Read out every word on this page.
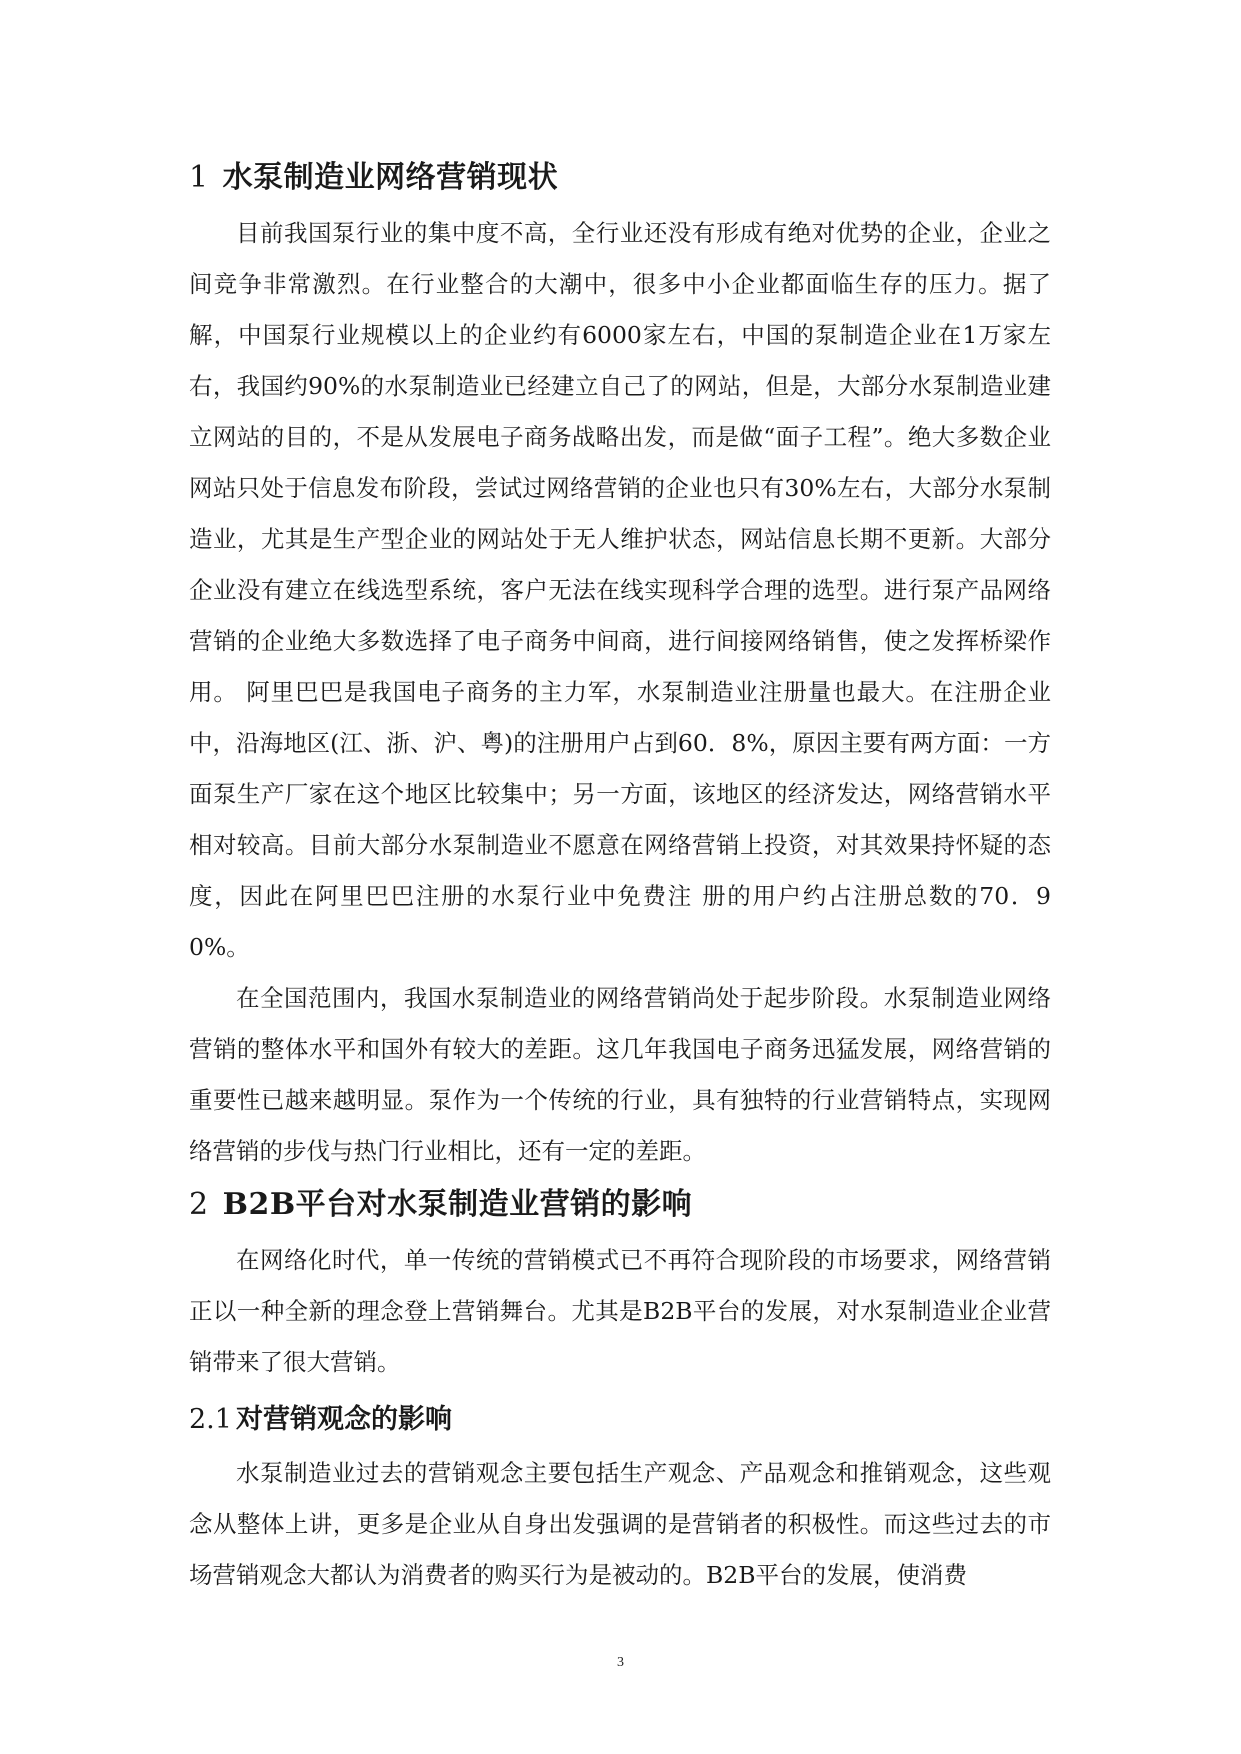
1 水泵制造业网络营销现状

目前我国泵行业的集中度不高，全行业还没有形成有绝对优势的企业，企业之间竞争非常激烈。在行业整合的大潮中，很多中小企业都面临生存的压力。据了解，中国泵行业规模以上的企业约有6000家左右，中国的泵制造企业在1万家左右，我国约90%的水泵制造业已经建立自己了的网站，但是，大部分水泵制造业建立网站的目的，不是从发展电子商务战略出发，而是做“面子工程”。绝大多数企业网站只处于信息发布阶段，尝试过网络营销的企业也只有30%左右，大部分水泵制造业，尤其是生产型企业的网站处于无人维护状态，网站信息长期不更新。大部分企业没有建立在线选型系统，客户无法在线实现科学合理的选型。进行泵产品网络营销的企业绝大多数选择了电子商务中间商，进行间接网络销售，使之发挥桥梁作用。 阿里巴巴是我国电子商务的主力军，水泵制造业注册量也最大。在注册企业中，沿海地区(江、浙、沪、粤)的注册用户占到60．8%，原因主要有两方面：一方面泵生产厂家在这个地区比较集中；另一方面，该地区的经济发达，网络营销水平相对较高。目前大部分水泵制造业不愿意在网络营销上投资，对其效果持怀疑的态度，因此在阿里巴巴注册的水泵行业中免费注 册的用户约占注册总数的70．90%。

在全国范围内，我国水泵制造业的网络营销尚处于起步阶段。水泵制造业网络营销的整体水平和国外有较大的差距。这几年我国电子商务迅猛发展，网络营销的重要性已越来越明显。泵作为一个传统的行业，具有独特的行业营销特点，实现网络营销的步伐与热门行业相比，还有一定的差距。

2 B2B平台对水泵制造业营销的影响

在网络化时代，单一传统的营销模式已不再符合现阶段的市场要求，网络营销正以一种全新的理念登上营销舞台。尤其是B2B平台的发展，对水泵制造业企业营销带来了很大营销。

2.1 对营销观念的影响

水泵制造业过去的营销观念主要包括生产观念、产品观念和推销观念，这些观念从整体上讲，更多是企业从自身出发强调的是营销者的积极性。而这些过去的市场营销观念大都认为消费者的购买行为是被动的。B2B平台的发展，使消费

3
